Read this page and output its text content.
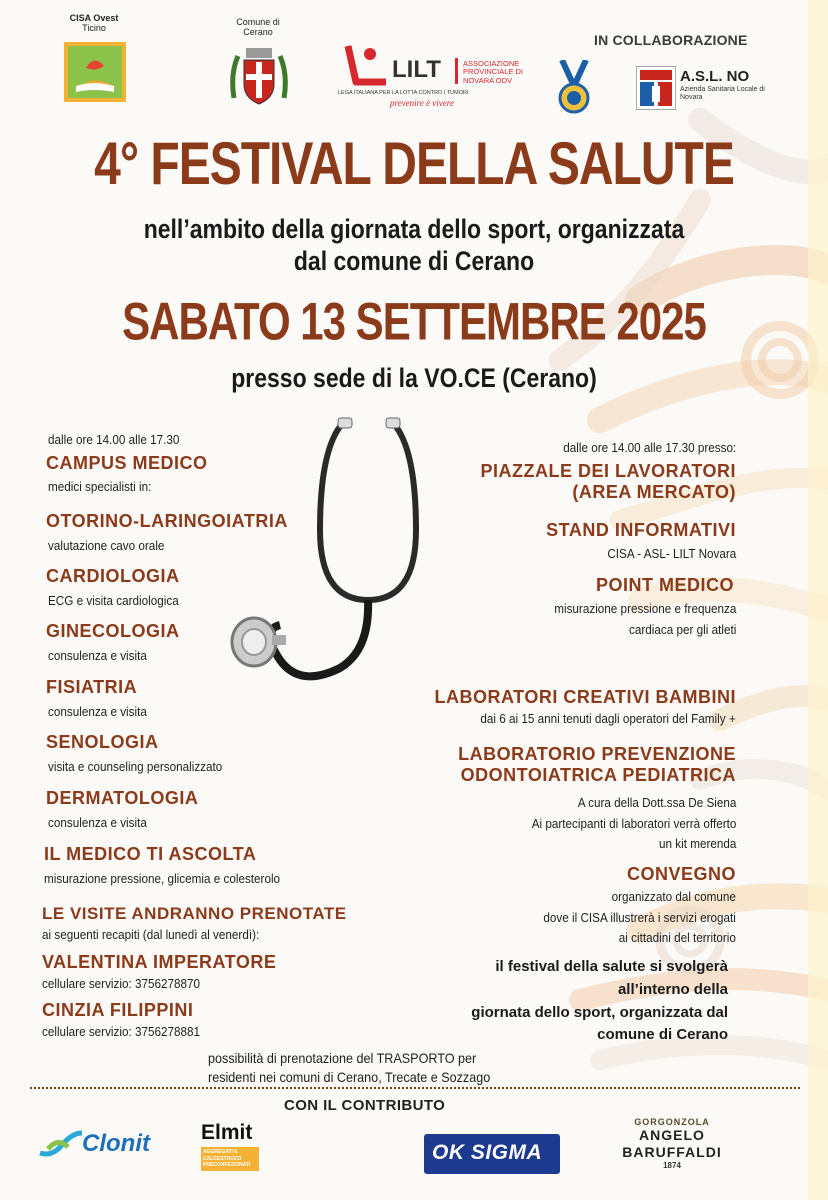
CISA Ovest
Ticino
Comune di
Cerano
LILT	ASSOCIAZIONE PROVINCIALE DI NOVARA ODV
LEGA ITALIANA PER LA LOTTA CONTRO I TUMORI
prevenire è vivere
IN COLLABORAZIONE
A.S.L. NO
Azienda Sanitaria Locale di Novara
4° FESTIVAL DELLA SALUTE
nell’ambito della giornata dello sport, organizzata
dal comune di Cerano
SABATO 13 SETTEMBRE 2025
presso sede di la VO.CE (Cerano)
dalle ore 14.00 alle 17.30
CAMPUS MEDICO
medici specialisti in:
OTORINO-LARINGOIATRIA
valutazione cavo orale
CARDIOLOGIA
ECG e visita cardiologica
GINECOLOGIA
consulenza e visita
FISIATRIA
consulenza e visita
SENOLOGIA
visita e counseling personalizzato
DERMATOLOGIA
consulenza e visita
IL MEDICO TI ASCOLTA
misurazione pressione, glicemia e colesterolo
LE VISITE ANDRANNO PRENOTATE
ai seguenti recapiti (dal lunedì al venerdì):
VALENTINA IMPERATORE
cellulare servizio: 3756278870
CINZIA FILIPPINI
cellulare servizio: 3756278881
dalle ore 14.00 alle 17.30 presso:
PIAZZALE DEI LAVORATORI
(AREA MERCATO)
STAND INFORMATIVI
CISA - ASL- LILT Novara
POINT MEDICO
misurazione pressione e frequenza
cardiaca per gli atleti
LABORATORI CREATIVI BAMBINI
dai 6 ai 15 anni tenuti dagli operatori del Family +
LABORATORIO PREVENZIONE
ODONTOIATRICA PEDIATRICA
A cura della Dott.ssa De Siena
Ai partecipanti di laboratori verrà offerto
un kit merenda
CONVEGNO
organizzato dal comune
dove il CISA illustrerà i servizi erogati
ai cittadini del territorio
il festival della salute si svolgerà
all’interno della
giornata dello sport, organizzata dal
comune di Cerano
possibilità di prenotazione del TRASPORTO per
residenti nei comuni di Cerano, Trecate e Sozzago
CON IL CONTRIBUTO
Clonit Elmit
AGGREGATI E CALCESTRUZZI PRECONFEZIONATI
OK SIGMA
GORGONZOLA
ANGELO
BARUFFALDI
1874
